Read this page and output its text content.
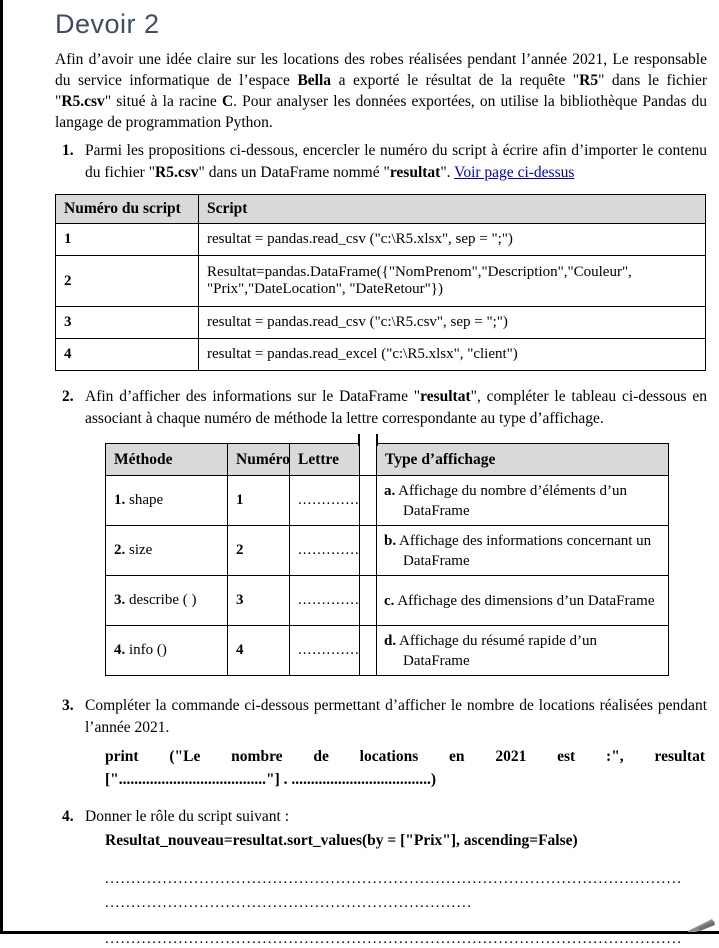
Devoir 2
Afin d’avoir une idée claire sur les locations des robes réalisées pendant l’année 2021, Le responsable du service informatique de l’espace Bella a exporté le résultat de la requête "R5" dans le fichier "R5.csv" situé à la racine C. Pour analyser les données exportées, on utilise la bibliothèque Pandas du langage de programmation Python.
1. Parmi les propositions ci-dessous, encercler le numéro du script à écrire afin d’importer le contenu du fichier "R5.csv" dans un DataFrame nommé "resultat". Voir page ci-dessus
Numéro du script	Script
1	resultat = pandas.read_csv ("c:\R5.xlsx", sep = ";")
2	Resultat=pandas.DataFrame({"NomPrenom","Description","Couleur", "Prix","DateLocation", "DateRetour"})
3	resultat = pandas.read_csv ("c:\R5.csv", sep = ";")
4	resultat = pandas.read_excel ("c:\R5.xlsx", "client")
2. Afin d’afficher des informations sur le DataFrame "resultat", compléter le tableau ci-dessous en associant à chaque numéro de méthode la lettre correspondante au type d’affichage.
Méthode	Numéro	Lettre		Type d’affichage
1. shape	1	.............		a. Affichage du nombre d’éléments d’un DataFrame
2. size	2	.............		b. Affichage des informations concernant un DataFrame
3. describe ( )	3	.............		c. Affichage des dimensions d’un DataFrame
4. info ()	4	.............		d. Affichage du résumé rapide d’un DataFrame
3. Compléter la commande ci-dessous permettant d’afficher le nombre de locations réalisées pendant l’année 2021.
print ("Le nombre de locations en 2021 est :", resultat
["......................................"] . ....................................)
4. Donner le rôle du script suivant :
Resultat_nouveau=resultat.sort_values(by = ["Prix"], ascending=False)
..............................................................................................................
......................................................................
..............................................................................................................
